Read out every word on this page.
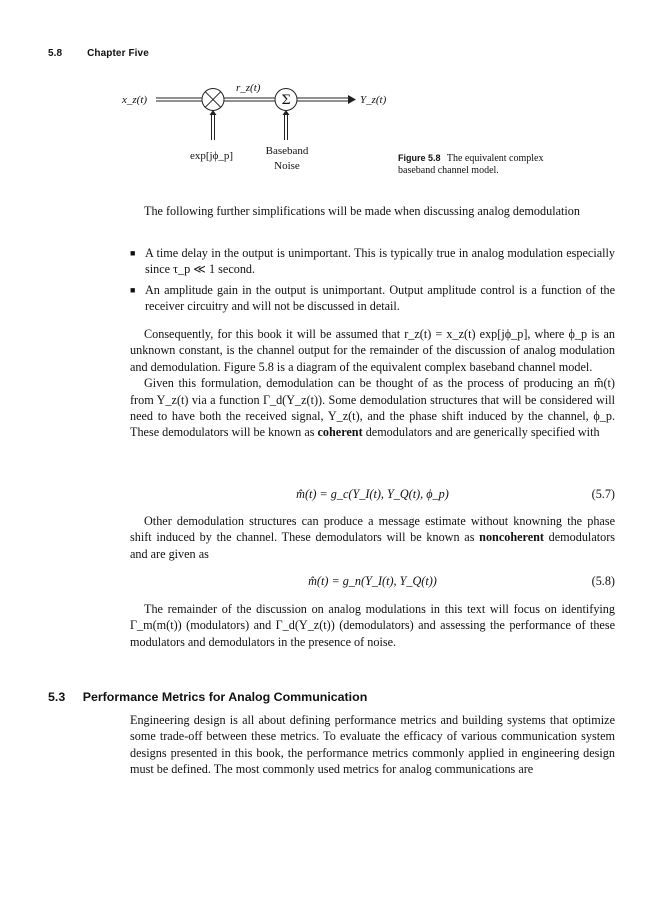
5.8 Chapter Five
Σ
x_z(t)
r_z(t)
Y_z(t)
exp[jϕ_p]	Baseband
Noise
Figure 5.8 The equivalent complex baseband channel model.

The following further simplifications will be made when discussing analog demodulation

■ A time delay in the output is unimportant. This is typically true in analog modulation especially since τ_p ≪ 1 second.
■ An amplitude gain in the output is unimportant. Output amplitude control is a function of the receiver circuitry and will not be discussed in detail.

Consequently, for this book it will be assumed that r_z(t) = x_z(t) exp[jϕ_p], where ϕ_p is an unknown constant, is the channel output for the remainder of the discussion of analog modulation and demodulation. Figure 5.8 is a diagram of the equivalent complex baseband channel model.

Given this formulation, demodulation can be thought of as the process of producing an m̂(t) from Y_z(t) via a function Γ_d(Y_z(t)). Some demodulation structures that will be considered will need to have both the received signal, Y_z(t), and the phase shift induced by the channel, ϕ_p. These demodulators will be known as coherent demodulators and are generically specified with

m̂(t) = g_c(Y_I(t), Y_Q(t), ϕ_p)	(5.7)

Other demodulation structures can produce a message estimate without knowning the phase shift induced by the channel. These demodulators will be known as noncoherent demodulators and are given as

m̂(t) = g_n(Y_I(t), Y_Q(t))	(5.8)

The remainder of the discussion on analog modulations in this text will focus on identifying Γ_m(m(t)) (modulators) and Γ_d(Y_z(t)) (demodulators) and assessing the performance of these modulators and demodulators in the presence of noise.

5.3 Performance Metrics for Analog Communication

Engineering design is all about defining performance metrics and building systems that optimize some trade-off between these metrics. To evaluate the efficacy of various communication system designs presented in this book, the performance metrics commonly applied in engineering design must be defined. The most commonly used metrics for analog communications are
